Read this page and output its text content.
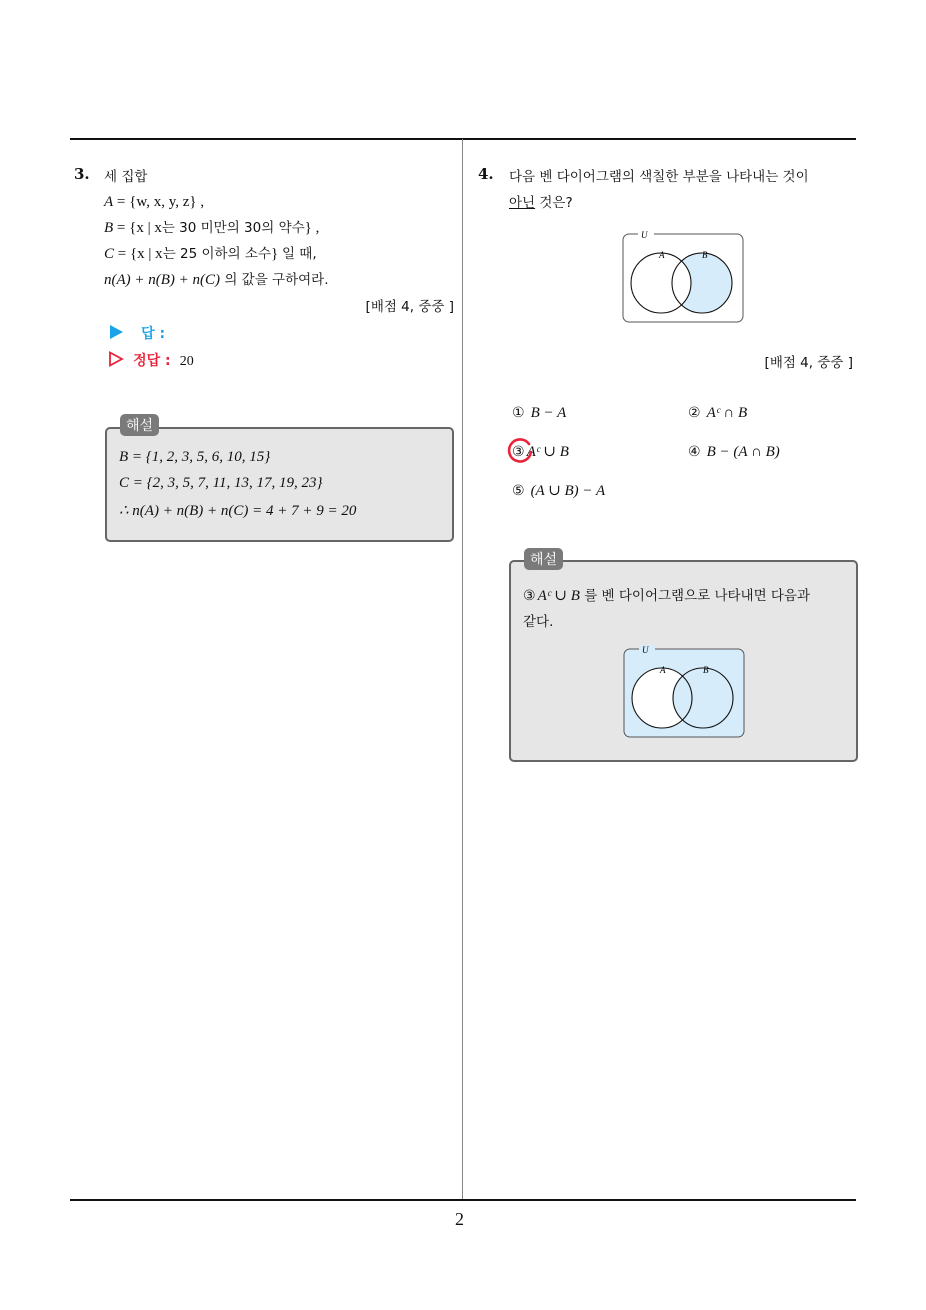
2
3. 세 집합
A = {w, x, y, z} ,
B = {x | x는 30 미만의 30의 약수} ,
C = {x | x는 25 이하의 소수} 일 때,
n(A) + n(B) + n(C) 의 값을 구하여라.
[배점 4, 중중 ]
답 :
정답 : 20
B = {1, 2, 3, 5, 6, 10, 15}
C = {2, 3, 5, 7, 11, 13, 17, 19, 23}
∴ n(A) + n(B) + n(C) = 4 + 7 + 9 = 20
해설
4. 다음 벤 다이어그램의 색칠한 부분을 나타내는 것이
아닌 것은?
U
A	B
[배점 4, 중중 ]
① B − A	② Aᶜ ∩ B
③ Aᶜ ∪ B	④ B − (A ∩ B)
⑤ (A ∪ B) − A
③ Aᶜ ∪ B 를 벤 다이어그램으로 나타내면 다음과
같다.
U
A	B
해설
